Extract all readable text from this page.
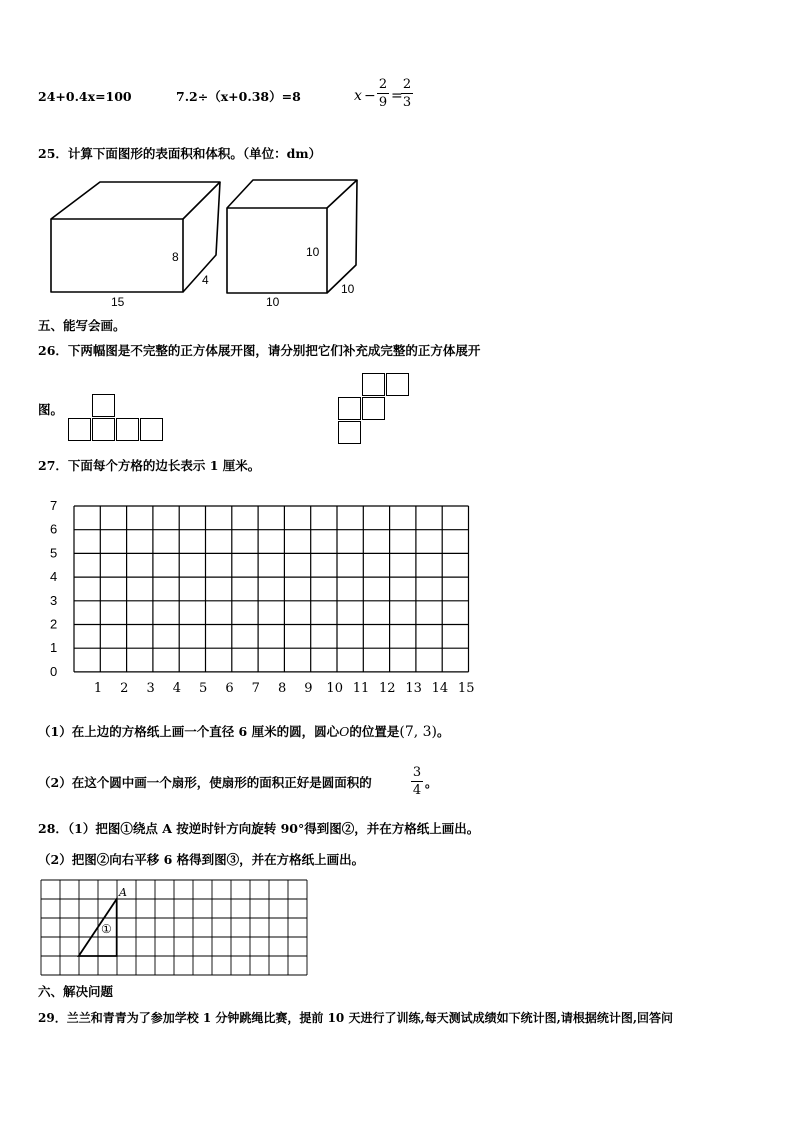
24+0.4x=100	7.2÷（x+0.38）=8	x −
2
9 =
2
3
25．计算下面图形的表面积和体积。（单位：dm）
8
4
15
10
10
10
五、能写会画。
26．下两幅图是不完整的正方体展开图，请分别把它们补充成完整的正方体展开
图。
27．下面每个方格的边长表示 1 厘米。
7
6
5
4
3
2
1
0
1 2 3 4 5 6 7 8 9 10 11 12 13 14 15
（1）在上边的方格纸上画一个直径 6 厘米的圆，圆心O的位置是(7, 3)。
（2）在这个圆中画一个扇形，使扇形的面积正好是圆面积的
3
4
。
28．（1）把图①绕点 A 按逆时针方向旋转 90°得到图②，并在方格纸上画出。
（2）把图②向右平移 6 格得到图③，并在方格纸上画出。
A
①
六、解决问题
29．兰兰和青青为了参加学校 1 分钟跳绳比赛，提前 10 天进行了训练,每天测试成绩如下统计图,请根据统计图,回答问
